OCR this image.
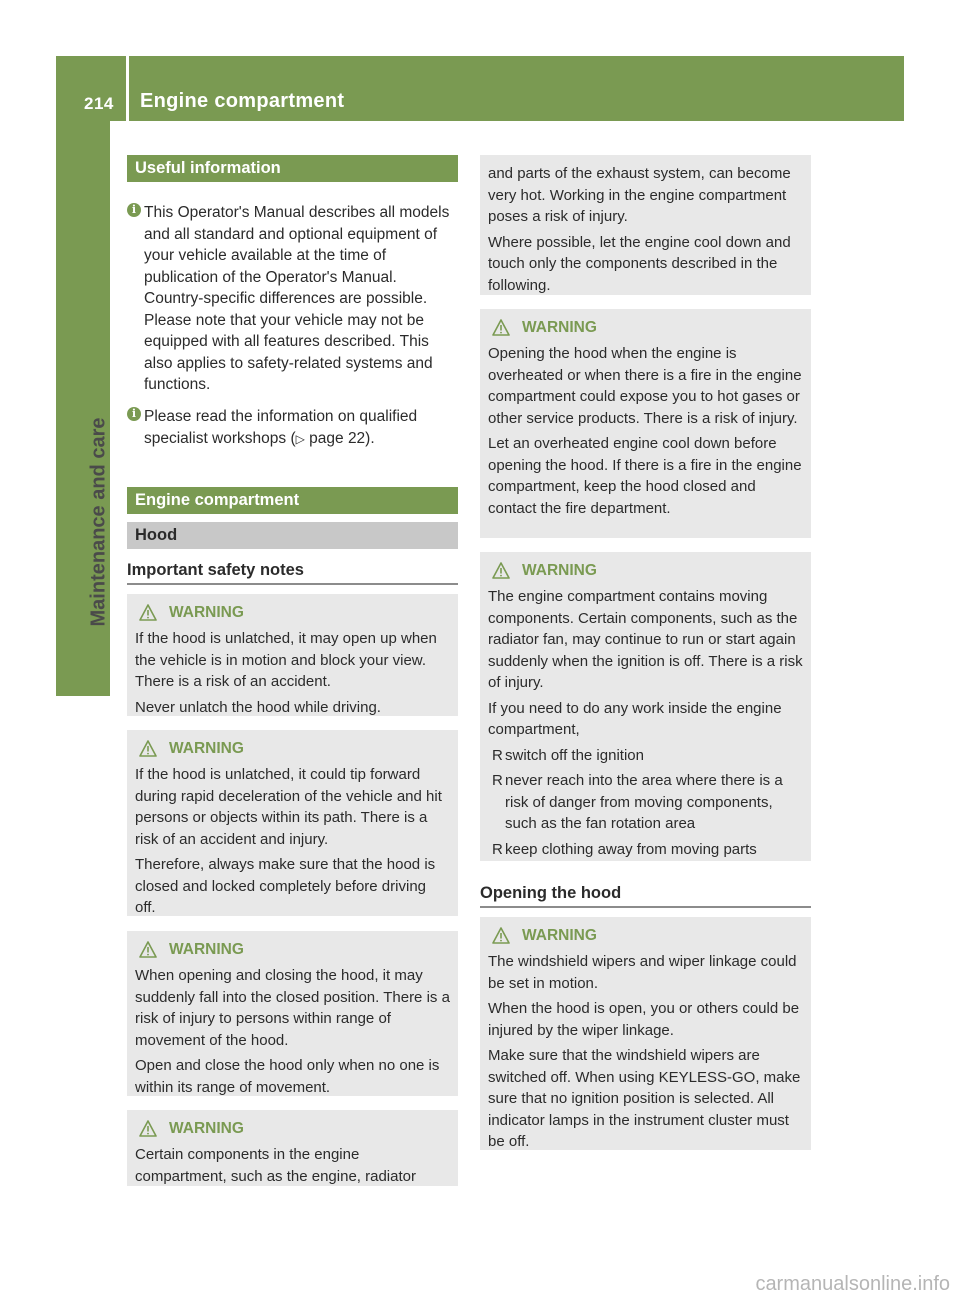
214 Engine compartment
Maintenance and care
Useful information
i This Operator's Manual describes all models and all standard and optional equipment of your vehicle available at the time of publication of the Operator's Manual. Country-specific differences are possible. Please note that your vehicle may not be equipped with all features described. This also applies to safety-related systems and functions.
i Please read the information on qualified specialist workshops (▷ page 22).
Engine compartment
Hood
Important safety notes
WARNING

If the hood is unlatched, it may open up when the vehicle is in motion and block your view. There is a risk of an accident.

Never unlatch the hood while driving.

WARNING

If the hood is unlatched, it could tip forward during rapid deceleration of the vehicle and hit persons or objects within its path. There is a risk of an accident and injury.

Therefore, always make sure that the hood is closed and locked completely before driving off.

WARNING

When opening and closing the hood, it may suddenly fall into the closed position. There is a risk of injury to persons within range of movement of the hood.

Open and close the hood only when no one is within its range of movement.

WARNING

Certain components in the engine compartment, such as the engine, radiator

and parts of the exhaust system, can become very hot. Working in the engine compartment poses a risk of injury.

Where possible, let the engine cool down and touch only the components described in the following.

WARNING

Opening the hood when the engine is overheated or when there is a fire in the engine compartment could expose you to hot gases or other service products. There is a risk of injury.

Let an overheated engine cool down before opening the hood. If there is a fire in the engine compartment, keep the hood closed and contact the fire department.

WARNING

The engine compartment contains moving components. Certain components, such as the radiator fan, may continue to run or start again suddenly when the ignition is off. There is a risk of injury.

If you need to do any work inside the engine compartment,

R switch off the ignition
R never reach into the area where there is a risk of danger from moving components, such as the fan rotation area
R keep clothing away from moving parts
Opening the hood
WARNING

The windshield wipers and wiper linkage could be set in motion.

When the hood is open, you or others could be injured by the wiper linkage.

Make sure that the windshield wipers are switched off. When using KEYLESS-GO, make sure that no ignition position is selected. All indicator lamps in the instrument cluster must be off.

carmanualsonline.info
